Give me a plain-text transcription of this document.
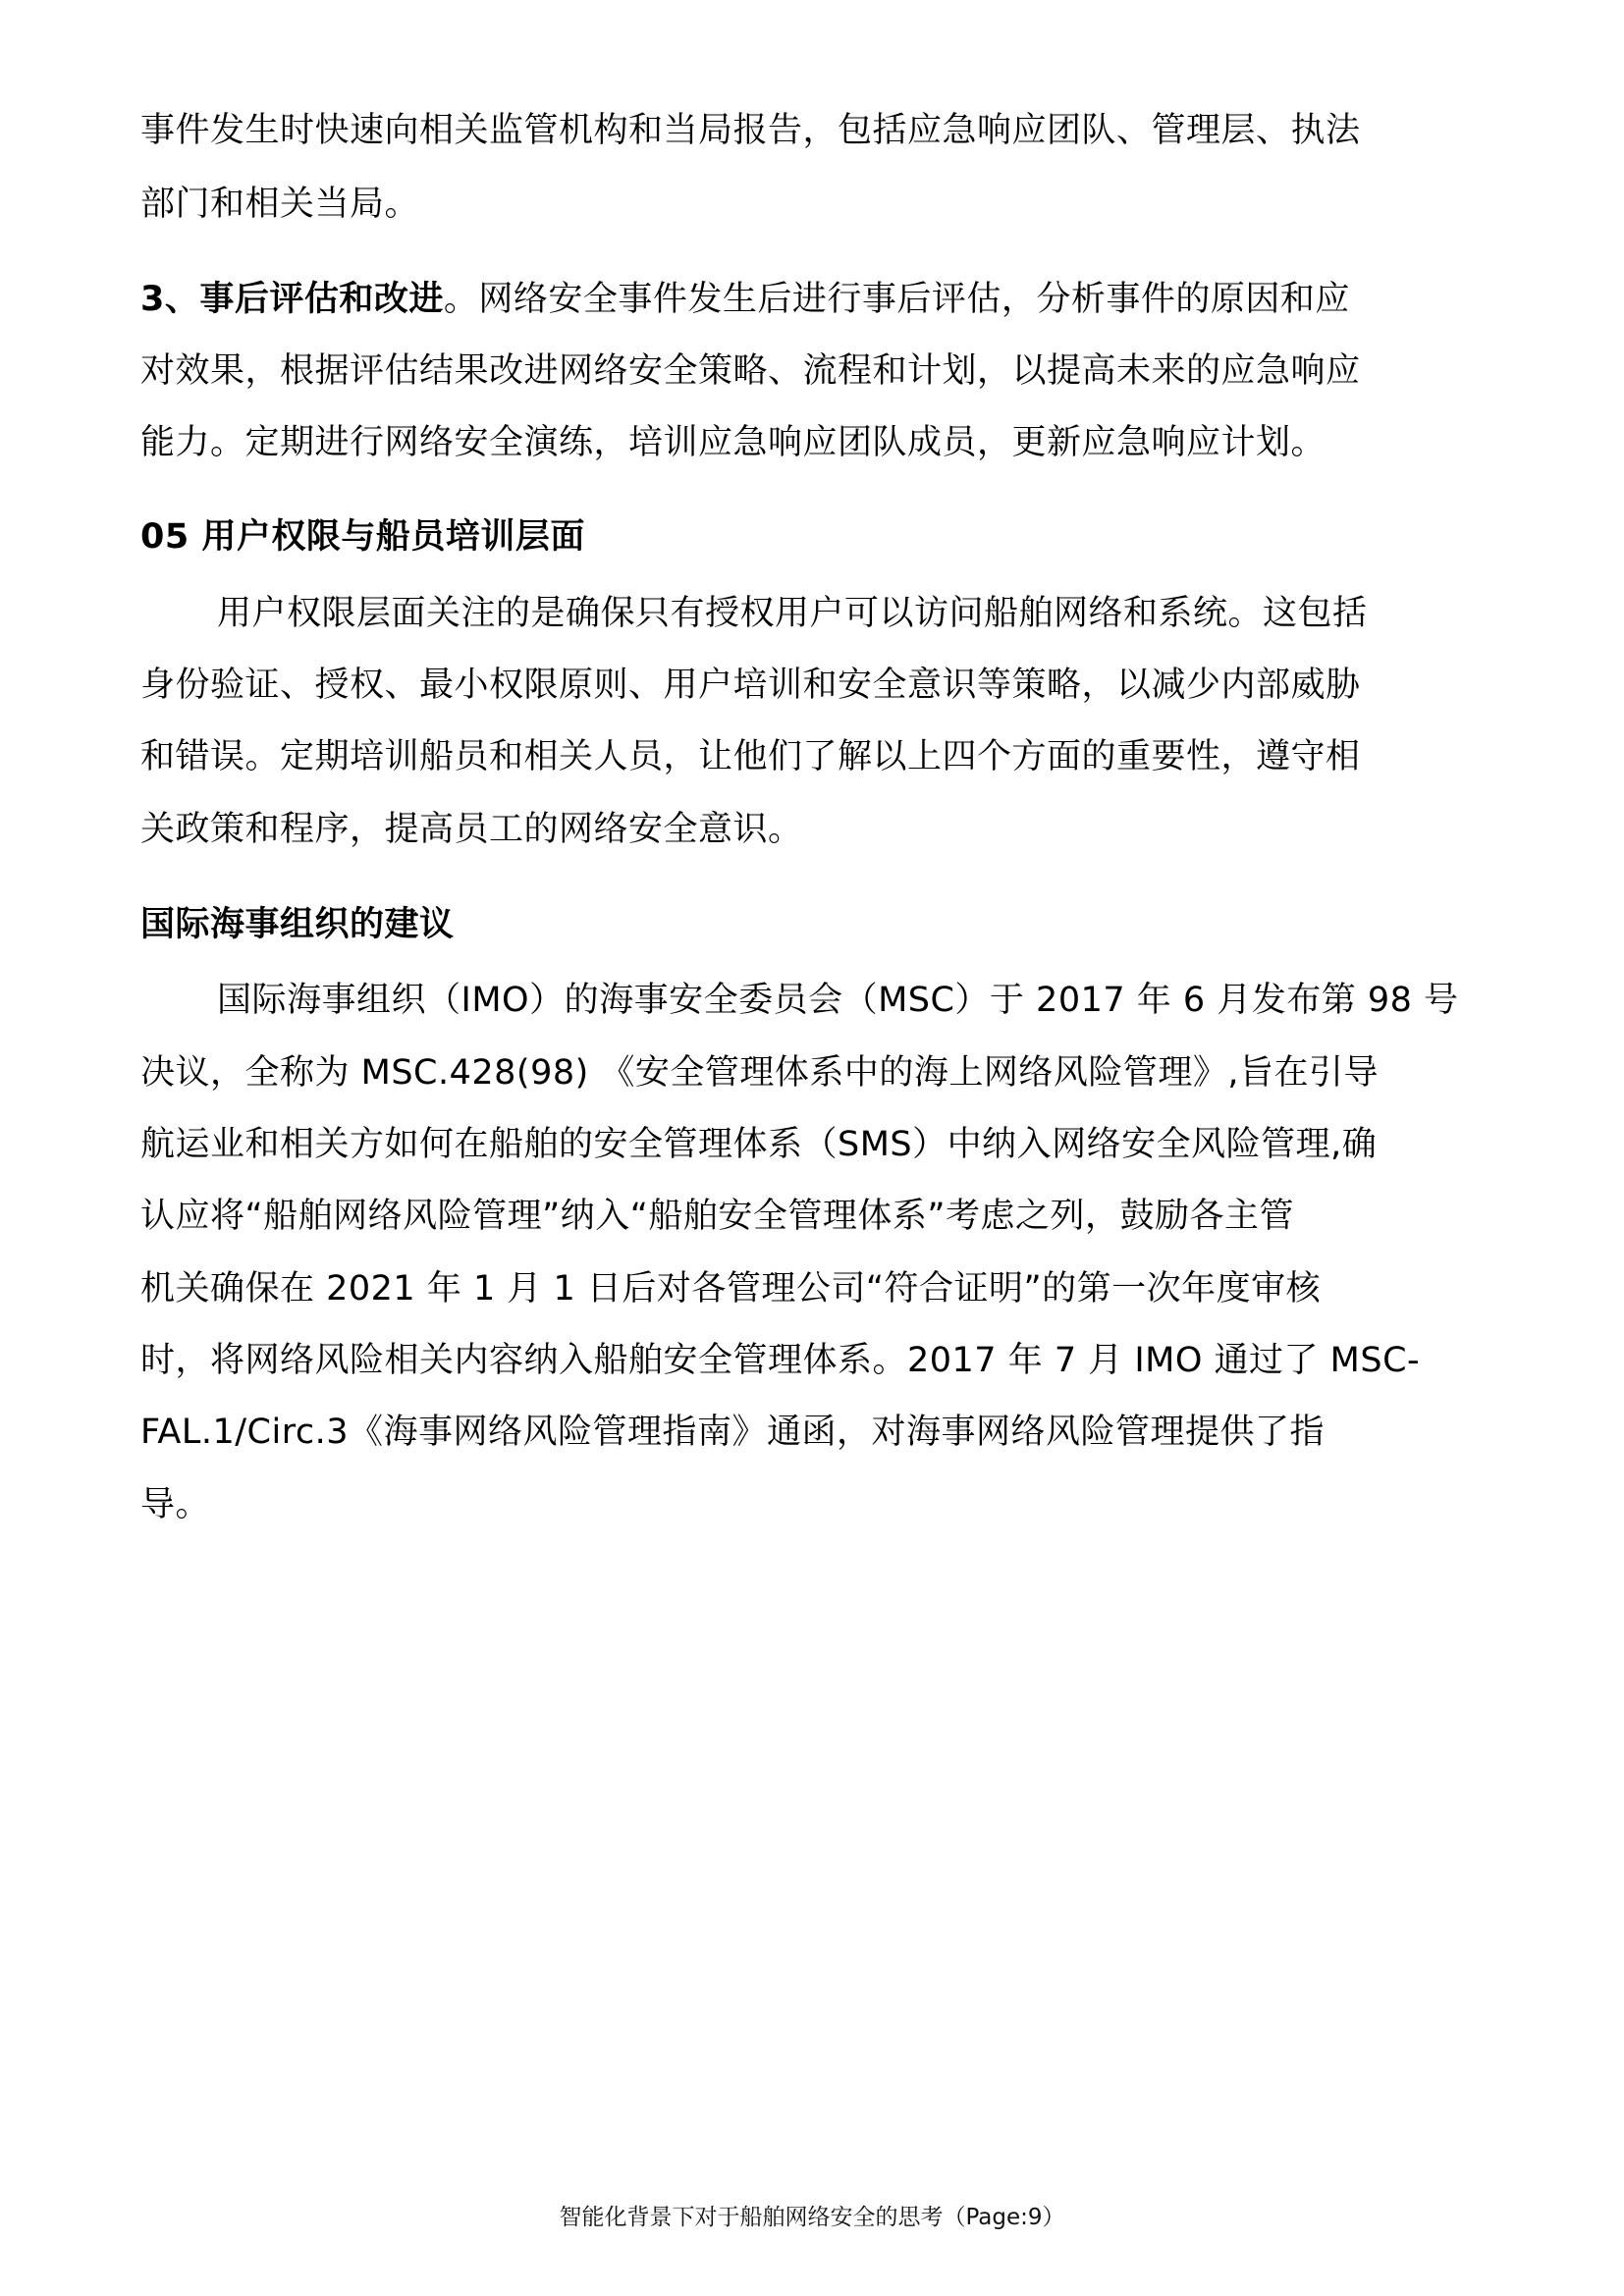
事件发生时快速向相关监管机构和当局报告，包括应急响应团队、管理层、执法
部门和相关当局。
3、事后评估和改进。网络安全事件发生后进行事后评估，分析事件的原因和应
对效果，根据评估结果改进网络安全策略、流程和计划，以提高未来的应急响应
能力。定期进行网络安全演练，培训应急响应团队成员，更新应急响应计划。
05 用户权限与船员培训层面
用户权限层面关注的是确保只有授权用户可以访问船舶网络和系统。这包括
身份验证、授权、最小权限原则、用户培训和安全意识等策略，以减少内部威胁
和错误。定期培训船员和相关人员，让他们了解以上四个方面的重要性，遵守相
关政策和程序，提高员工的网络安全意识。
国际海事组织的建议
国际海事组织（IMO）的海事安全委员会（MSC）于 2017 年 6 月发布第 98 号
决议，全称为 MSC.428(98) 《安全管理体系中的海上网络风险管理》,旨在引导
航运业和相关方如何在船舶的安全管理体系（SMS）中纳入网络安全风险管理,确
认应将“船舶网络风险管理”纳入“船舶安全管理体系”考虑之列，鼓励各主管
机关确保在 2021 年 1 月 1 日后对各管理公司“符合证明”的第一次年度审核
时，将网络风险相关内容纳入船舶安全管理体系。2017 年 7 月 IMO 通过了 MSC-
FAL.1/Circ.3《海事网络风险管理指南》通函，对海事网络风险管理提供了指
导。
智能化背景下对于船舶网络安全的思考（Page:9）
